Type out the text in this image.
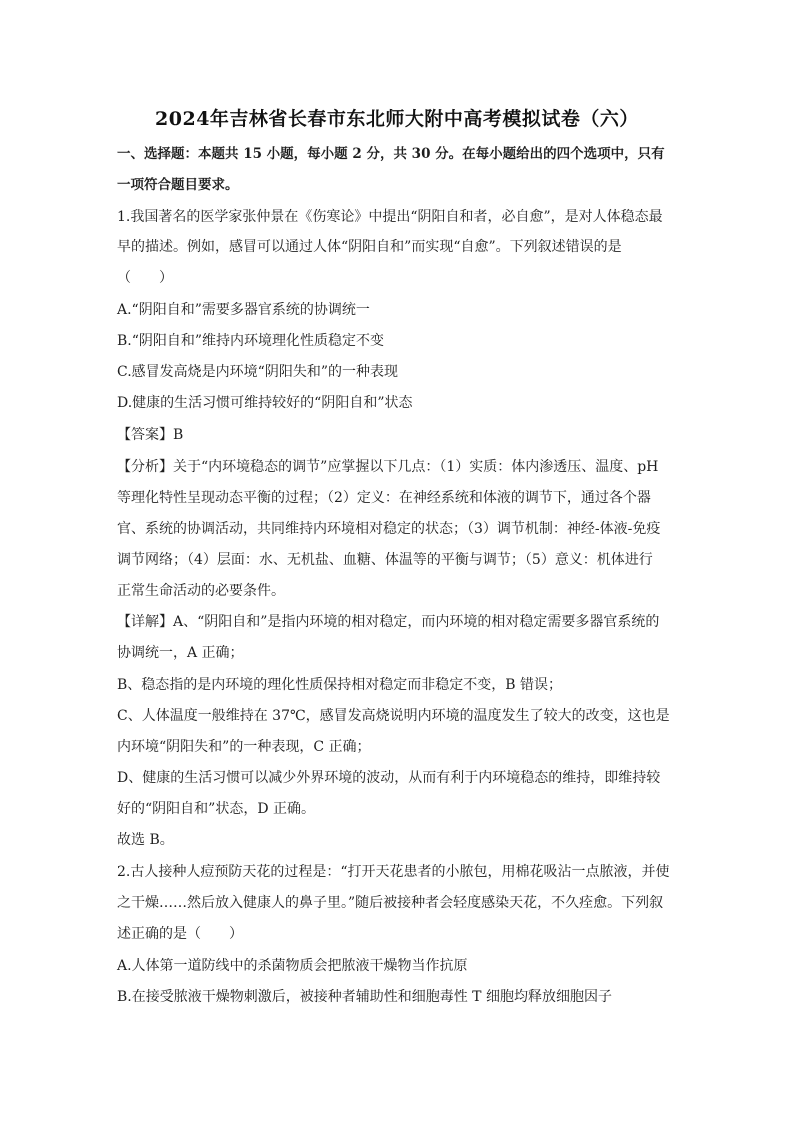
2024年吉林省长春市东北师大附中高考模拟试卷（六）
一、选择题：本题共 15 小题，每小题 2 分，共 30 分。在每小题给出的四个选项中，只有
一项符合题目要求。
1.我国著名的医学家张仲景在《伤寒论》中提出“阴阳自和者，必自愈”，是对人体稳态最
早的描述。例如，感冒可以通过人体“阴阳自和”而实现“自愈”。下列叙述错误的是
（　　）
A.“阴阳自和”需要多器官系统的协调统一
B.“阴阳自和”维持内环境理化性质稳定不变
C.感冒发高烧是内环境“阴阳失和”的一种表现
D.健康的生活习惯可维持较好的“阴阳自和”状态
【答案】B
【分析】关于“内环境稳态的调节”应掌握以下几点：（1）实质：体内渗透压、温度、pH
等理化特性呈现动态平衡的过程；（2）定义：在神经系统和体液的调节下，通过各个器
官、系统的协调活动，共同维持内环境相对稳定的状态；（3）调节机制：神经-体液-免疫
调节网络；（4）层面：水、无机盐、血糖、体温等的平衡与调节；（5）意义：机体进行
正常生命活动的必要条件。
【详解】A、“阴阳自和”是指内环境的相对稳定，而内环境的相对稳定需要多器官系统的
协调统一，A 正确；
B、稳态指的是内环境的理化性质保持相对稳定而非稳定不变，B 错误；
C、人体温度一般维持在 37℃，感冒发高烧说明内环境的温度发生了较大的改变，这也是
内环境“阴阳失和”的一种表现，C 正确；
D、健康的生活习惯可以减少外界环境的波动，从而有利于内环境稳态的维持，即维持较
好的“阴阳自和”状态，D 正确。
故选 B。
2.古人接种人痘预防天花的过程是：“打开天花患者的小脓包，用棉花吸沾一点脓液，并使
之干燥……然后放入健康人的鼻子里。”随后被接种者会轻度感染天花，不久痊愈。下列叙
述正确的是（　　）
A.人体第一道防线中的杀菌物质会把脓液干燥物当作抗原
B.在接受脓液干燥物刺激后，被接种者辅助性和细胞毒性 T 细胞均释放细胞因子
